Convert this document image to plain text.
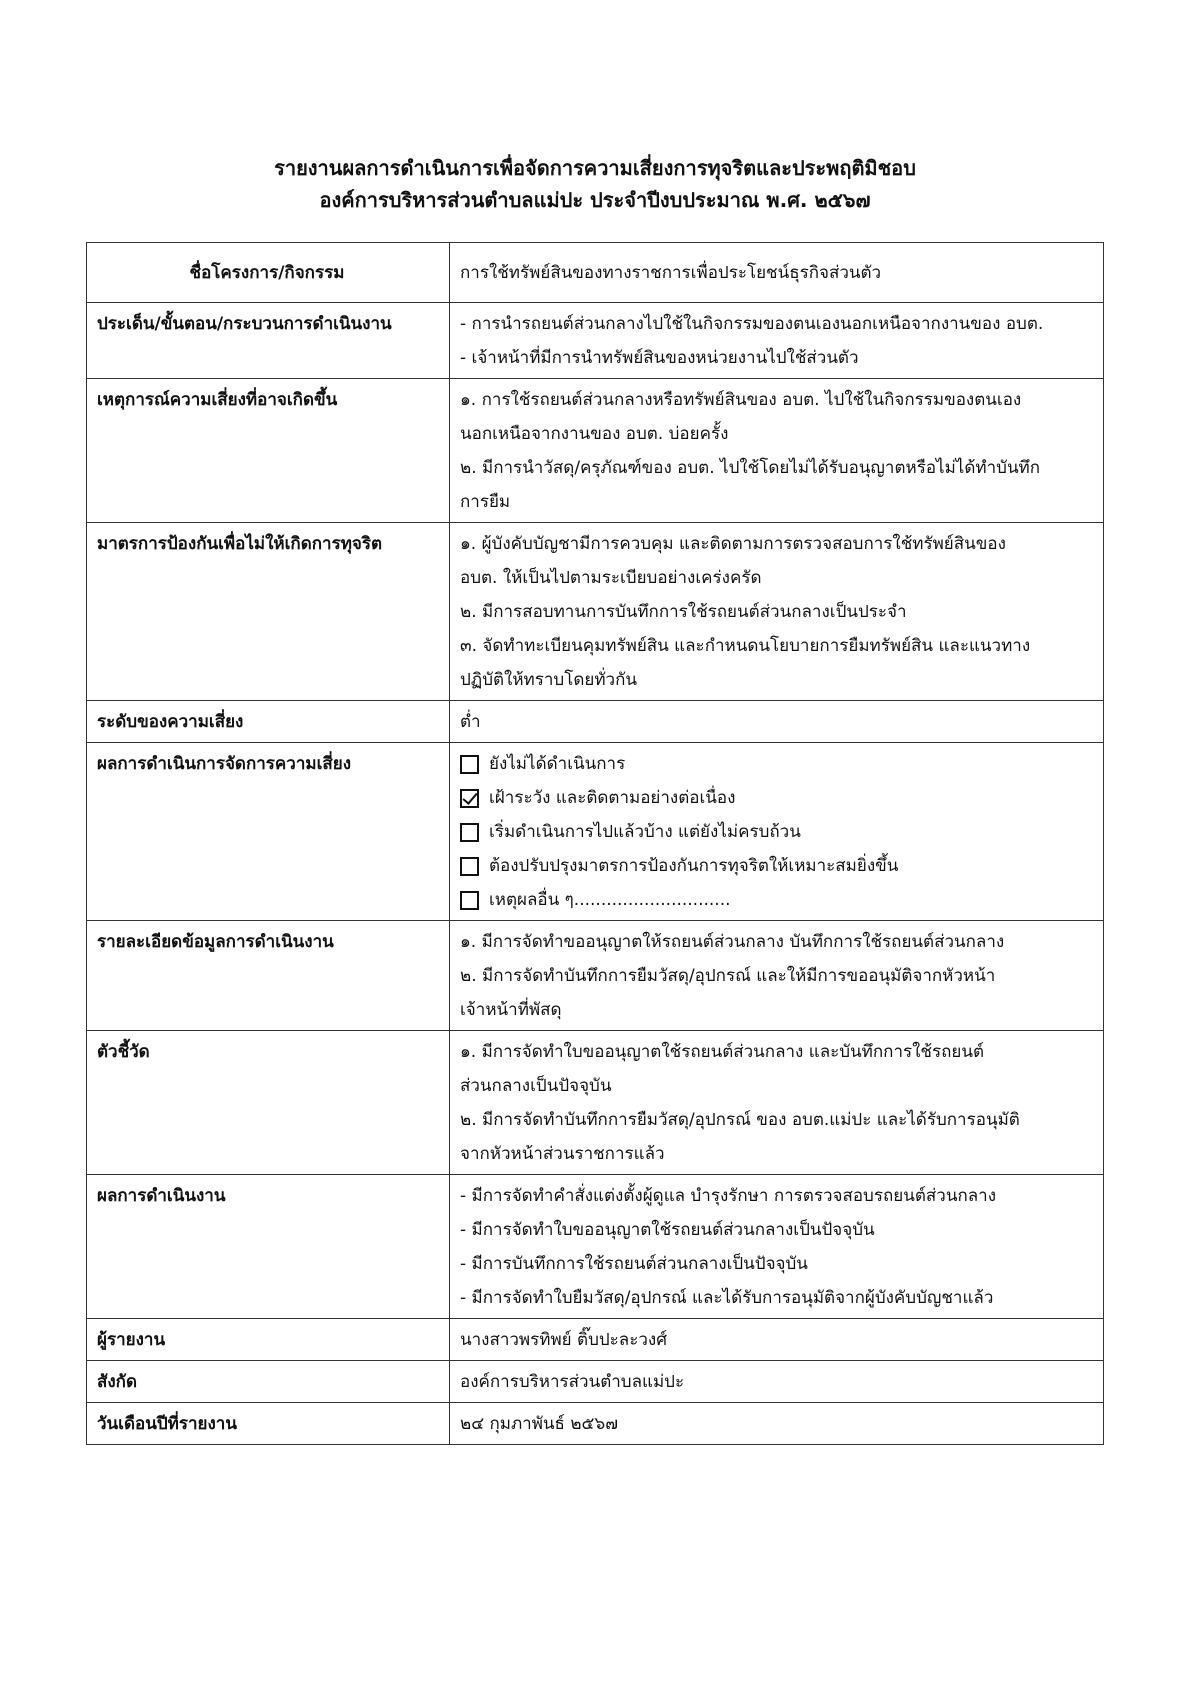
รายงานผลการดำเนินการเพื่อจัดการความเสี่ยงการทุจริตและประพฤติมิชอบ
องค์การบริหารส่วนตำบลแม่ปะ ประจำปีงบประมาณ พ.ศ. ๒๕๖๗
ชื่อโครงการ/กิจกรรม	การใช้ทรัพย์สินของทางราชการเพื่อประโยชน์ธุรกิจส่วนตัว
ประเด็น/ขั้นตอน/กระบวนการดำเนินงาน	- การนำรถยนต์ส่วนกลางไปใช้ในกิจกรรมของตนเองนอกเหนือจากงานของ อบต.
- เจ้าหน้าที่มีการนำทรัพย์สินของหน่วยงานไปใช้ส่วนตัว

เหตุการณ์ความเสี่ยงที่อาจเกิดขึ้น	๑. การใช้รถยนต์ส่วนกลางหรือทรัพย์สินของ อบต. ไปใช้ในกิจกรรมของตนเอง
นอกเหนือจากงานของ อบต. บ่อยครั้ง
๒. มีการนำวัสดุ/ครุภัณฑ์ของ อบต. ไปใช้โดยไม่ได้รับอนุญาตหรือไม่ได้ทำบันทึก
การยืม

มาตรการป้องกันเพื่อไม่ให้เกิดการทุจริต	๑. ผู้บังคับบัญชามีการควบคุม และติดตามการตรวจสอบการใช้ทรัพย์สินของ
อบต. ให้เป็นไปตามระเบียบอย่างเคร่งครัด
๒. มีการสอบทานการบันทึกการใช้รถยนต์ส่วนกลางเป็นประจำ
๓. จัดทำทะเบียนคุมทรัพย์สิน และกำหนดนโยบายการยืมทรัพย์สิน และแนวทาง
ปฏิบัติให้ทราบโดยทั่วกัน

ระดับของความเสี่ยง	ต่ำ
ผลการดำเนินการจัดการความเสี่ยง	ยังไม่ได้ดำเนินการ
เฝ้าระวัง และติดตามอย่างต่อเนื่อง
เริ่มดำเนินการไปแล้วบ้าง แต่ยังไม่ครบถ้วน
ต้องปรับปรุงมาตรการป้องกันการทุจริตให้เหมาะสมยิ่งขึ้น
เหตุผลอื่น ๆ.............................

รายละเอียดข้อมูลการดำเนินงาน	๑. มีการจัดทำขออนุญาตให้รถยนต์ส่วนกลาง บันทึกการใช้รถยนต์ส่วนกลาง
๒. มีการจัดทำบันทึกการยืมวัสดุ/อุปกรณ์ และให้มีการขออนุมัติจากหัวหน้า
เจ้าหน้าที่พัสดุ

ตัวชี้วัด	๑. มีการจัดทำใบขออนุญาตใช้รถยนต์ส่วนกลาง และบันทึกการใช้รถยนต์
ส่วนกลางเป็นปัจจุบัน
๒. มีการจัดทำบันทึกการยืมวัสดุ/อุปกรณ์ ของ อบต.แม่ปะ และได้รับการอนุมัติ
จากหัวหน้าส่วนราชการแล้ว

ผลการดำเนินงาน	- มีการจัดทำคำสั่งแต่งตั้งผู้ดูแล บำรุงรักษา การตรวจสอบรถยนต์ส่วนกลาง
- มีการจัดทำใบขออนุญาตใช้รถยนต์ส่วนกลางเป็นปัจจุบัน
- มีการบันทึกการใช้รถยนต์ส่วนกลางเป็นปัจจุบัน
- มีการจัดทำใบยืมวัสดุ/อุปกรณ์ และได้รับการอนุมัติจากผู้บังคับบัญชาแล้ว

ผู้รายงาน	นางสาวพรทิพย์ ติ๊บปะละวงศ์
สังกัด	องค์การบริหารส่วนตำบลแม่ปะ
วันเดือนปีที่รายงาน	๒๔ กุมภาพันธ์ ๒๕๖๗
